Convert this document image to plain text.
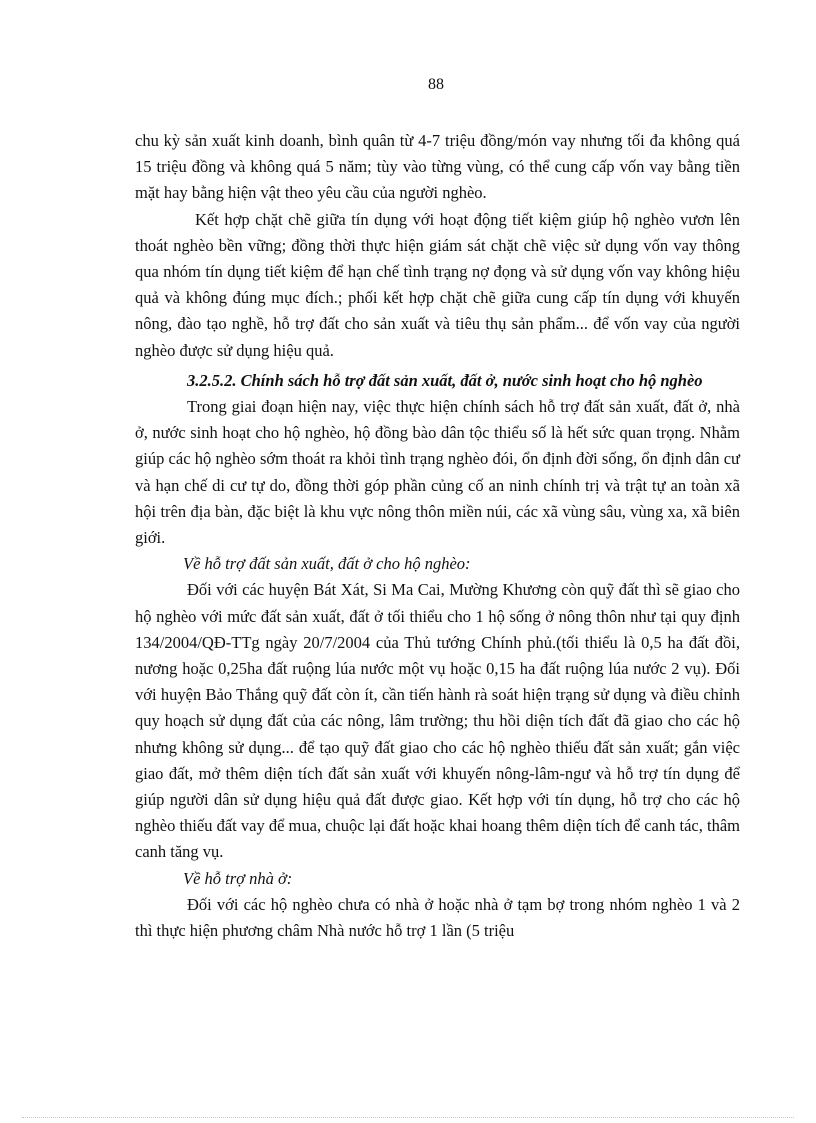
88

chu kỳ sản xuất kinh doanh, bình quân từ 4-7 triệu đồng/món vay nhưng tối đa không quá 15 triệu đồng và không quá 5 năm; tùy vào từng vùng, có thể cung cấp vốn vay bằng tiền mặt hay bằng hiện vật theo yêu cầu của người nghèo.

Kết hợp chặt chẽ giữa tín dụng với hoạt động tiết kiệm giúp hộ nghèo vươn lên thoát nghèo bền vững; đồng thời thực hiện giám sát chặt chẽ việc sử dụng vốn vay thông qua nhóm tín dụng tiết kiệm để hạn chế tình trạng nợ đọng và sử dụng vốn vay không hiệu quả và không đúng mục đích.; phối kết hợp chặt chẽ giữa cung cấp tín dụng với khuyến nông, đào tạo nghề, hỗ trợ đất cho sản xuất và tiêu thụ sản phẩm... để vốn vay của người nghèo được sử dụng hiệu quả.

3.2.5.2. Chính sách hỗ trợ đất sản xuất, đất ở, nước sinh hoạt cho hộ nghèo

Trong giai đoạn hiện nay, việc thực hiện chính sách hỗ trợ đất sản xuất, đất ở, nhà ở, nước sinh hoạt cho hộ nghèo, hộ đồng bào dân tộc thiểu số là hết sức quan trọng. Nhằm giúp các hộ nghèo sớm thoát ra khỏi tình trạng nghèo đói, ổn định đời sống, ổn định dân cư và hạn chế di cư tự do, đồng thời góp phần củng cố an ninh chính trị và trật tự an toàn xã hội trên địa bàn, đặc biệt là khu vực nông thôn miền núi, các xã vùng sâu, vùng xa, xã biên giới.

Về hỗ trợ đất sản xuất, đất ở cho hộ nghèo:

Đối với các huyện Bát Xát, Si Ma Cai, Mường Khương còn quỹ đất thì sẽ giao cho hộ nghèo với mức đất sản xuất, đất ở tối thiểu cho 1 hộ sống ở nông thôn như tại quy định 134/2004/QĐ-TTg ngày 20/7/2004 của Thủ tướng Chính phủ.(tối thiểu là 0,5 ha đất đồi, nương hoặc 0,25ha đất ruộng lúa nước một vụ hoặc 0,15 ha đất ruộng lúa nước 2 vụ). Đối với huyện Bảo Thắng quỹ đất còn ít, cần tiến hành rà soát hiện trạng sử dụng và điều chỉnh quy hoạch sử dụng đất của các nông, lâm trường; thu hồi diện tích đất đã giao cho các hộ nhưng không sử dụng... để tạo quỹ đất giao cho các hộ nghèo thiếu đất sản xuất; gắn việc giao đất, mở thêm diện tích đất sản xuất với khuyến nông-lâm-ngư và hỗ trợ tín dụng để giúp người dân sử dụng hiệu quả đất được giao. Kết hợp với tín dụng, hỗ trợ cho các hộ nghèo thiếu đất vay để mua, chuộc lại đất hoặc khai hoang thêm diện tích để canh tác, thâm canh tăng vụ.

Về hỗ trợ nhà ở:

Đối với các hộ nghèo chưa có nhà ở hoặc nhà ở tạm bợ trong nhóm nghèo 1 và 2 thì thực hiện phương châm Nhà nước hỗ trợ 1 lần (5 triệu
